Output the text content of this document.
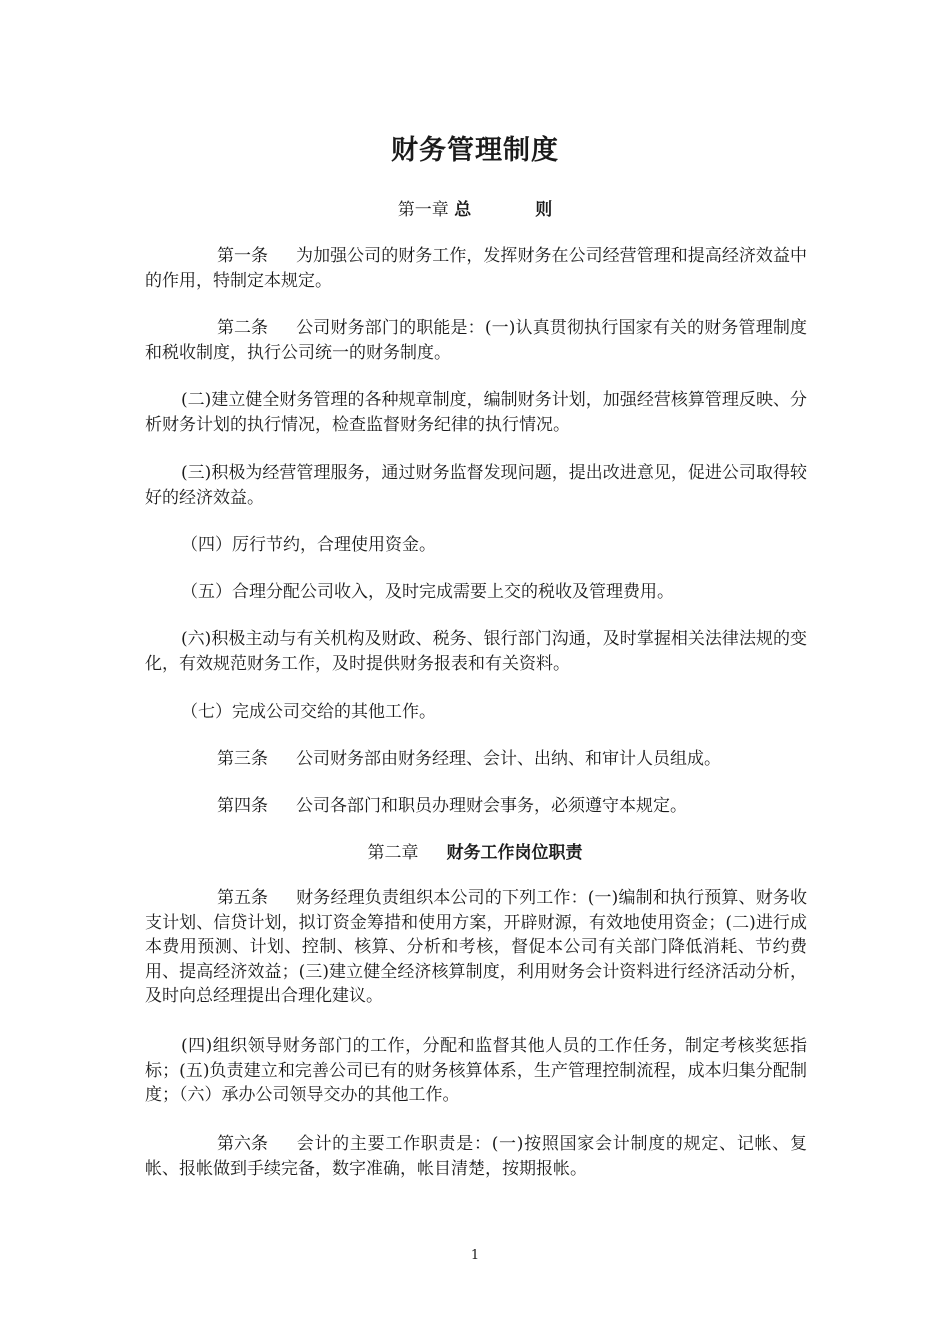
财务管理制度
第一章 总	则

第一条 为加强公司的财务工作，发挥财务在公司经营管理和提高经济效益中的作用，特制定本规定。

第二条 公司财务部门的职能是：(一)认真贯彻执行国家有关的财务管理制度和税收制度，执行公司统一的财务制度。

(二)建立健全财务管理的各种规章制度，编制财务计划，加强经营核算管理反映、分析财务计划的执行情况，检查监督财务纪律的执行情况。

(三)积极为经营管理服务，通过财务监督发现问题，提出改进意见，促进公司取得较好的经济效益。

（四）厉行节约，合理使用资金。

（五）合理分配公司收入，及时完成需要上交的税收及管理费用。

(六)积极主动与有关机构及财政、税务、银行部门沟通，及时掌握相关法律法规的变化，有效规范财务工作，及时提供财务报表和有关资料。

（七）完成公司交给的其他工作。

第三条 公司财务部由财务经理、会计、出纳、和审计人员组成。

第四条 公司各部门和职员办理财会事务，必须遵守本规定。

第二章 财务工作岗位职责

第五条 财务经理负责组织本公司的下列工作：(一)编制和执行预算、财务收支计划、信贷计划，拟订资金筹措和使用方案，开辟财源，有效地使用资金；(二)进行成本费用预测、计划、控制、核算、分析和考核，督促本公司有关部门降低消耗、节约费用、提高经济效益；(三)建立健全经济核算制度，利用财务会计资料进行经济活动分析，及时向总经理提出合理化建议。

(四)组织领导财务部门的工作，分配和监督其他人员的工作任务，制定考核奖惩指标；(五)负责建立和完善公司已有的财务核算体系，生产管理控制流程，成本归集分配制度；（六）承办公司领导交办的其他工作。

第六条 会计的主要工作职责是：(一)按照国家会计制度的规定、记帐、复帐、报帐做到手续完备，数字准确，帐目清楚，按期报帐。

1
